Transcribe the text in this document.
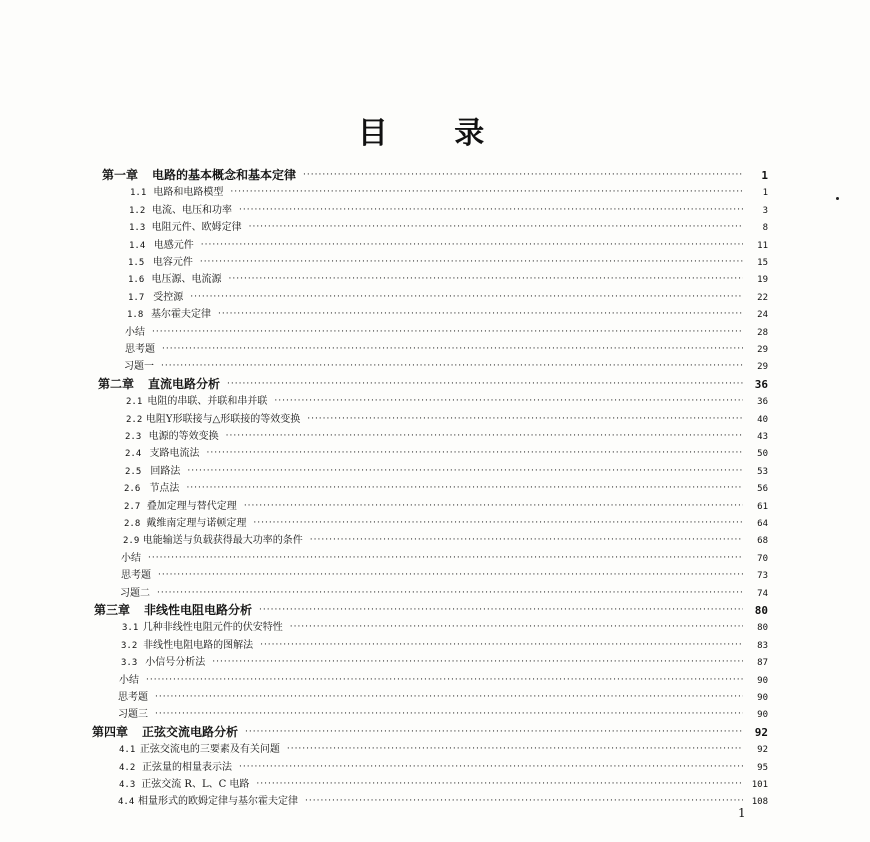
目 录
第一章	电路的基本概念和基本定律 ·····	1
1.1 电路和电路模型 ·····	1
1.2 电流、电压和功率 ·····	3
1.3 电阻元件、欧姆定律 ·····	8
1.4 电感元件 ·····	11
1.5 电容元件 ·····	15
1.6 电压源、电流源 ·····	19
1.7 受控源 ·····	22
1.8 基尔霍夫定律 ·····	24
小结 ·····	28
思考题 ·····	29
习题一 ·····	29
第二章	直流电路分析 ·····	36
2.1 电阻的串联、并联和串并联 ·····	36
2.2 电阻Y形联接与△形联接的等效变换 ·····	40
2.3 电源的等效变换 ·····	43
2.4 支路电流法 ·····	50
2.5 回路法 ·····	53
2.6 节点法 ·····	56
2.7 叠加定理与替代定理 ·····	61
2.8 戴维南定理与诺顿定理 ·····	64
2.9 电能输送与负载获得最大功率的条件 ·····	68
小结 ·····	70
思考题 ·····	73
习题二 ·····	74
第三章	非线性电阻电路分析 ·····	80
3.1 几种非线性电阻元件的伏安特性 ·····	80
3.2 非线性电阻电路的图解法 ·····	83
3.3 小信号分析法 ·····	87
小结 ·····	90
思考题 ·····	90
习题三 ·····	90
第四章	正弦交流电路分析 ·····	92
4.1 正弦交流电的三要素及有关问题 ·····	92
4.2 正弦量的相量表示法 ·····	95
4.3 正弦交流 R、L、C 电路 ·····	101
4.4 相量形式的欧姆定律与基尔霍夫定律 ·····	108
1
